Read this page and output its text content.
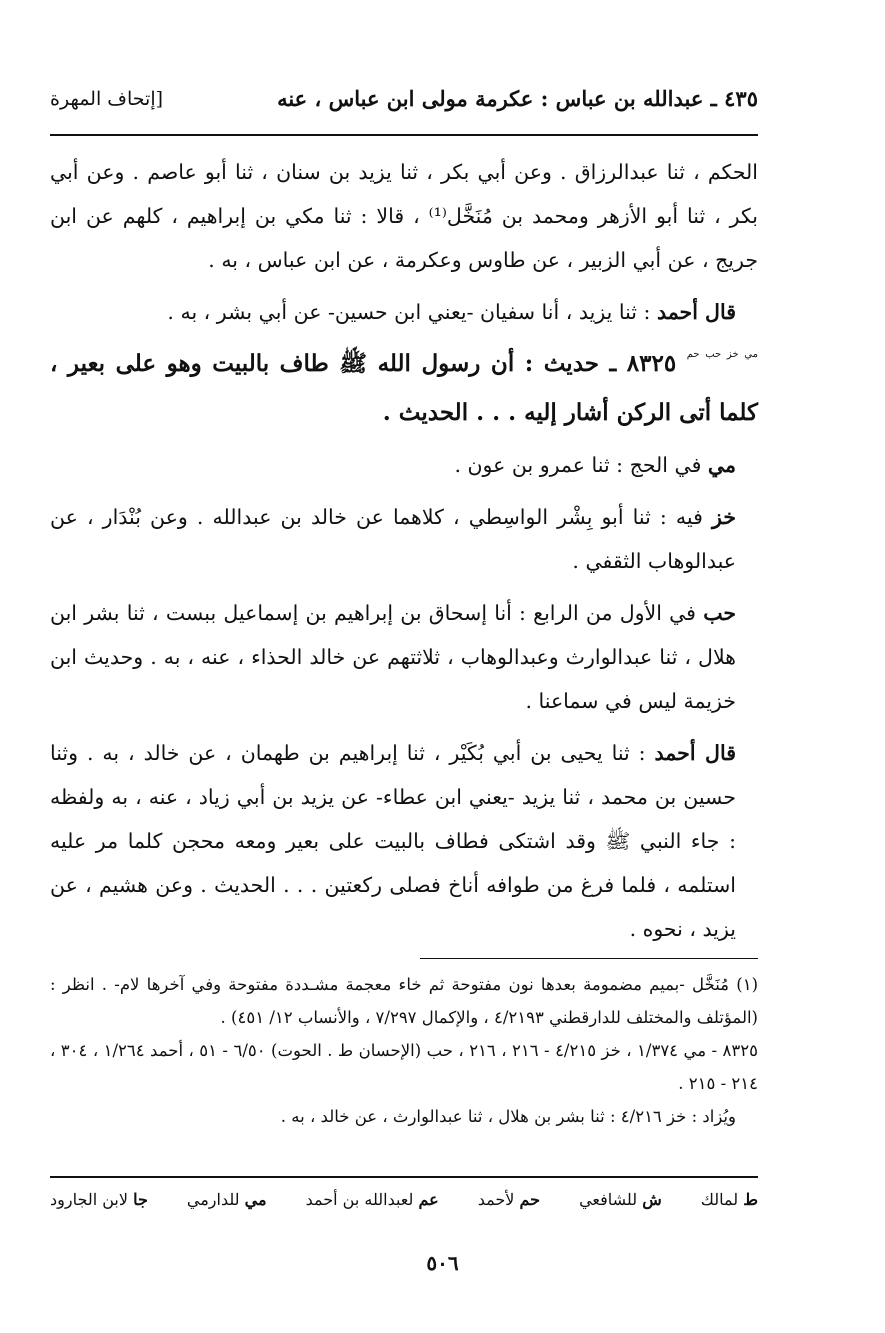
٤٣٥ ـ عبدالله بن عباس : عكرمة مولى ابن عباس ، عنه
[إتحاف المهرة

الحكم ، ثنا عبدالرزاق . وعن أبي بكر ، ثنا يزيد بن سنان ، ثنا أبو عاصم . وعن أبي بكر ، ثنا أبو الأزهر ومحمد بن مُنَخَّل⁽¹⁾ ، قالا : ثنا مكي بن إبراهيم ، كلهم عن ابن جريج ، عن أبي الزبير ، عن طاوس وعكرمة ، عن ابن عباس ، به .

قال أحمد : ثنا يزيد ، أنا سفيان -يعني ابن حسين- عن أبي بشر ، به .

$^{مي خز حب حم}$ ٨٣٢٥ ـ حديث : أن رسول الله ﷺ طاف بالبيت وهو على بعير ، كلما أتى الركن أشار إليه . . . الحديث .

مي في الحج : ثنا عمرو بن عون .

خز فيه : ثنا أبو بِشْر الواسِطي ، كلاهما عن خالد بن عبدالله . وعن بُنْدَار ، عن عبدالوهاب الثقفي .

حب في الأول من الرابع : أنا إسحاق بن إبراهيم بن إسماعيل ببست ، ثنا بشر ابن هلال ، ثنا عبدالوارث وعبدالوهاب ، ثلاثتهم عن خالد الحذاء ، عنه ، به . وحديث ابن خزيمة ليس في سماعنا .

قال أحمد : ثنا يحيى بن أبي بُكَيْر ، ثنا إبراهيم بن طهمان ، عن خالد ، به . وثنا حسين بن محمد ، ثنا يزيد -يعني ابن عطاء- عن يزيد بن أبي زياد ، عنه ، به ولفظه : جاء النبي ﷺ وقد اشتكى فطاف بالبيت على بعير ومعه محجن كلما مر عليه استلمه ، فلما فرغ من طوافه أناخ فصلى ركعتين . . . الحديث . وعن هشيم ، عن يزيد ، نحوه .

(١) مُنَخَّل -بميم مضمومة بعدها نون مفتوحة ثم خاء معجمة مشـددة مفتوحة وفي آخرها لام- . انظر : (المؤتلف والمختلف للدارقطني ٤/٢١٩٣ ، والإكمال ٧/٢٩٧ ، والأنساب ١٢/ ٤٥١) .

٨٣٢٥ - مي ١/٣٧٤ ، خز ٤/٢١٥ - ٢١٦ ، ٢١٦ ، حب (الإحسان ط . الحوت) ٦/٥٠ - ٥١ ، أحمد ١/٢٦٤ ، ٣٠٤ ، ٢١٤ - ٢١٥ .

ويُزاد : خز ٤/٢١٦ : ثنا بشر بن هلال ، ثنا عبدالوارث ، عن خالد ، به .

ط لمالك
ش للشافعي
حم لأحمد
عم لعبدالله بن أحمد
مي للدارمي
جا لابن الجارود
٥٠٦
